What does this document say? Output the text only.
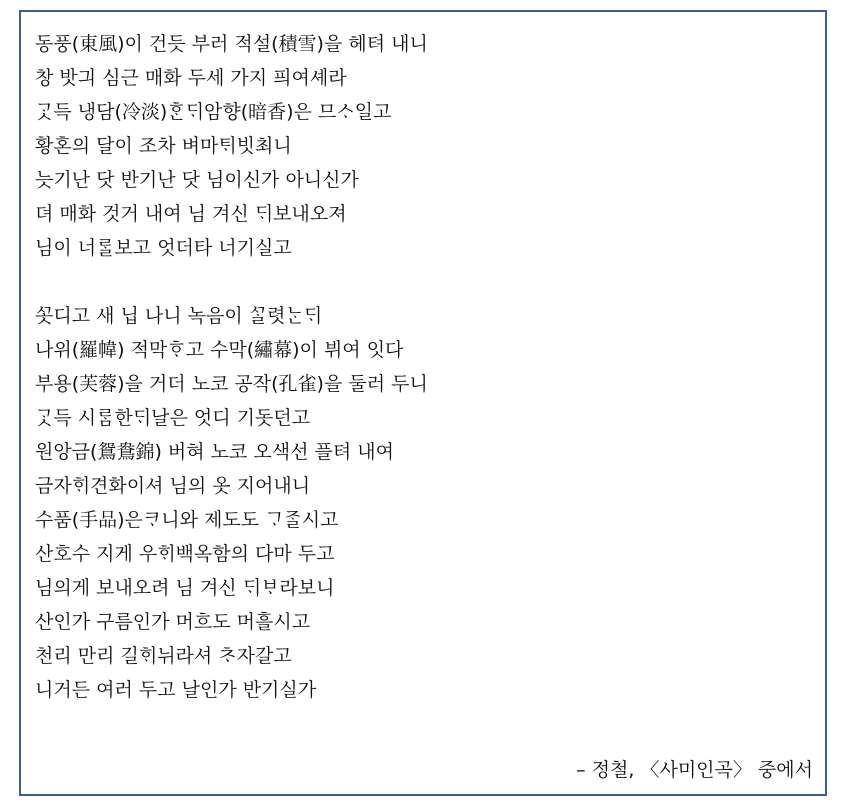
동풍(東風)이 건듯 부러 적설(積雪)을 헤텨 내니
창 밧긔 심근 매화 두세 가지 픠여셰라
ᄀᆞᆺ득 냉담(冷淡)ᄒᆞᆫᄃᆡ암향(暗香)은 므ᄉᆞ일고
황혼의 달이 조차 벼마ᄐᆡ빗최니
늣기난 닷 반기난 닷 님이신가 아니신가
뎌 매화 것거 내여 님 겨신 ᄃᆡ보내오져
님이 너ᄅᆞᆯ보고 엇더타 너기실고
ᄭᅩᆺ디고 새 닙 나니 녹음이 ᄭᆞᆯ렷ᄂᆞᆫᄃᆡ
나위(羅幃) 적막ᄒᆞ고 수막(繡幕)이 뷔여 잇다
부용(芙蓉)을 거더 노코 공작(孔雀)을 둘러 두니
ᄀᆞᆺ득 시ᄅᆞᆷ한ᄃᆡ날은 엇디 기돗던고
원앙금(鴛鴦錦) 버혀 노코 오색선 플텨 내여
금자ᄒᆡ견화이셔 님의 옷 지어내니
수품(手品)은ᄏᆞ니와 제도도 ᄀᆞᄌᆞᆯ시고
산호수 지게 우ᄒᆡ백옥함의 다마 두고
님의게 보내오려 님 겨신 ᄃᆡᄇᆞ라보니
산인가 구름인가 머흐도 머흘시고
천리 만리 길ᄒᆡ뉘라셔 ᄎᆞ자갈고
니거든 여러 두고 날인가 반기실가
– 정철, 〈사미인곡〉 중에서
